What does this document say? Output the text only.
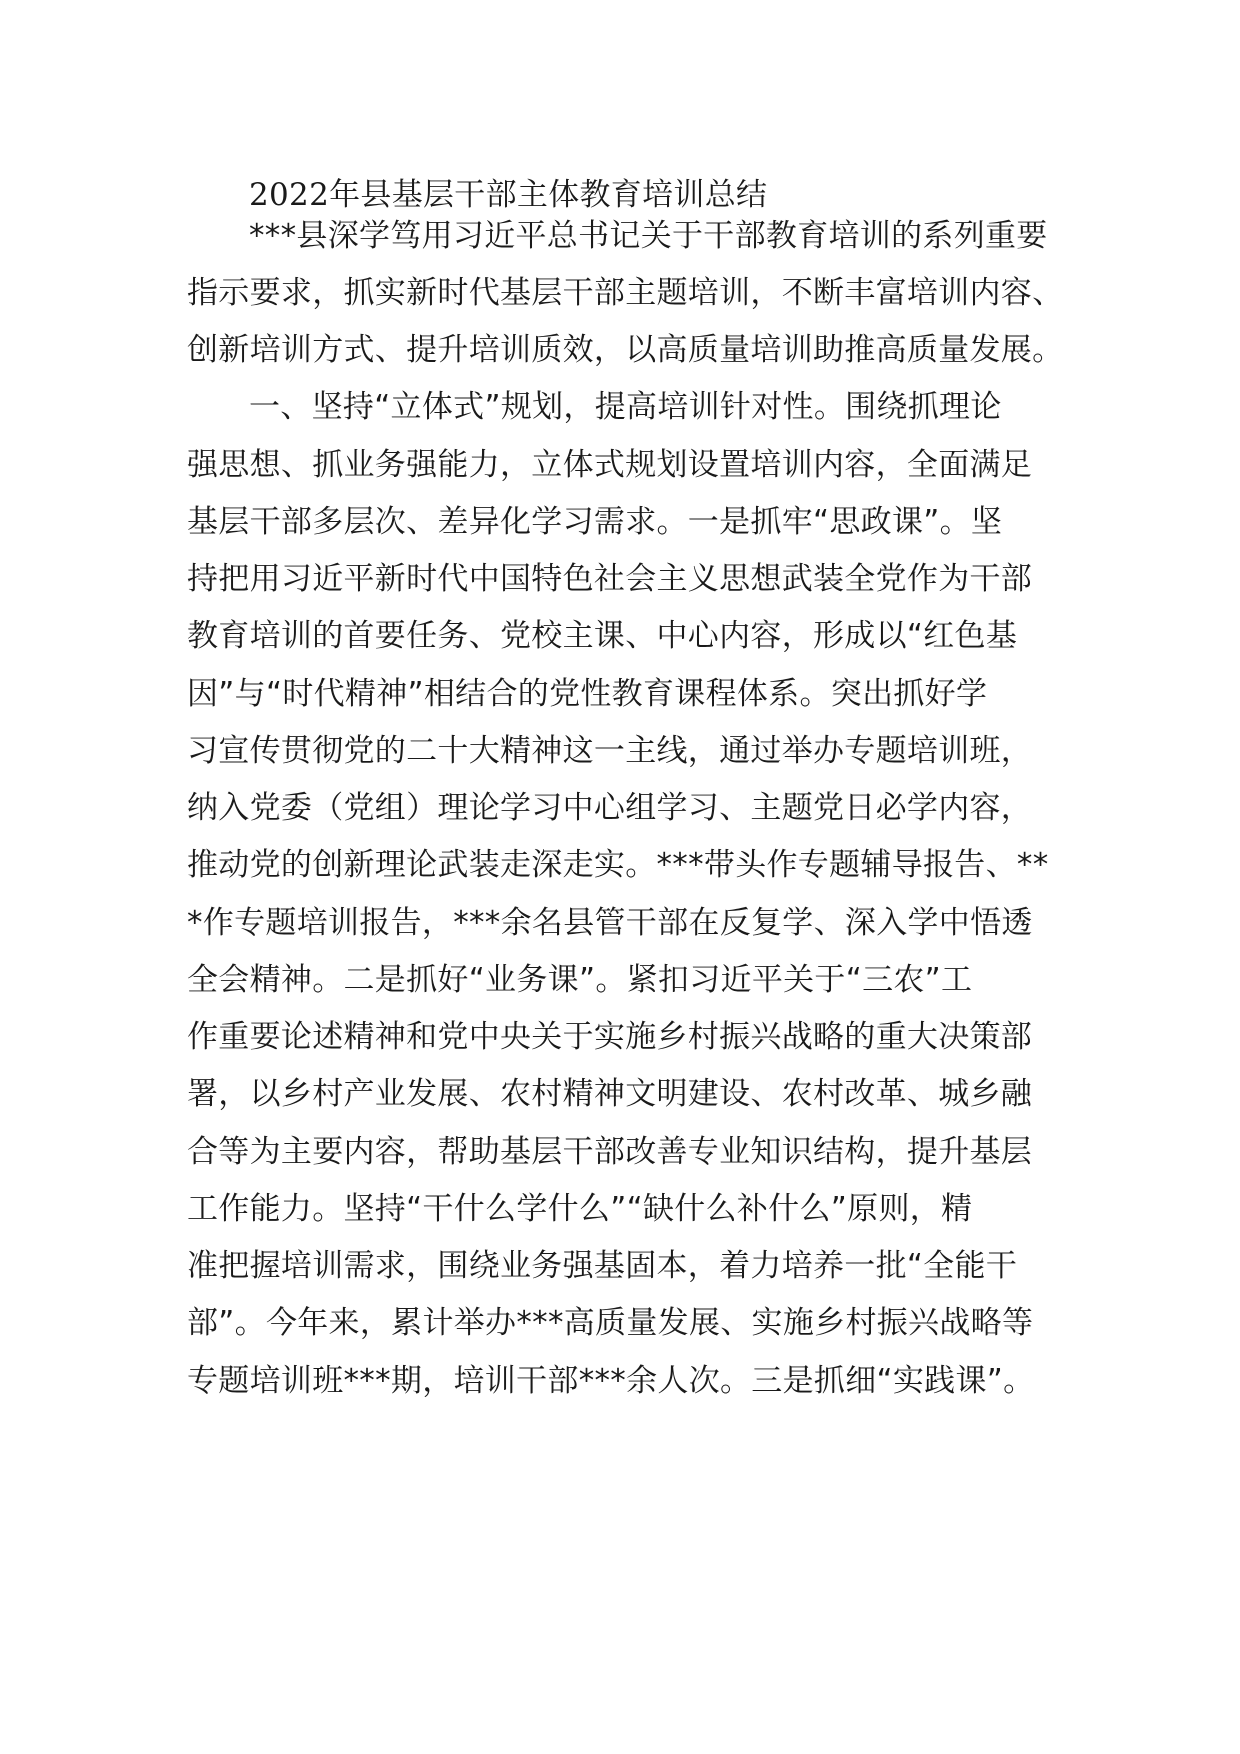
2022年县基层干部主体教育培训总结
***县深学笃用习近平总书记关于干部教育培训的系列重要
指示要求，抓实新时代基层干部主题培训，不断丰富培训内容、
创新培训方式、提升培训质效，以高质量培训助推高质量发展。
一、坚持“立体式”规划，提高培训针对性。围绕抓理论
强思想、抓业务强能力，立体式规划设置培训内容，全面满足
基层干部多层次、差异化学习需求。一是抓牢“思政课”。坚
持把用习近平新时代中国特色社会主义思想武装全党作为干部
教育培训的首要任务、党校主课、中心内容，形成以“红色基
因”与“时代精神”相结合的党性教育课程体系。突出抓好学
习宣传贯彻党的二十大精神这一主线，通过举办专题培训班，
纳入党委（党组）理论学习中心组学习、主题党日必学内容，
推动党的创新理论武装走深走实。***带头作专题辅导报告、**
*作专题培训报告，***余名县管干部在反复学、深入学中悟透
全会精神。二是抓好“业务课”。紧扣习近平关于“三农”工
作重要论述精神和党中央关于实施乡村振兴战略的重大决策部
署，以乡村产业发展、农村精神文明建设、农村改革、城乡融
合等为主要内容，帮助基层干部改善专业知识结构，提升基层
工作能力。坚持“干什么学什么”“缺什么补什么”原则，精
准把握培训需求，围绕业务强基固本，着力培养一批“全能干
部”。今年来，累计举办***高质量发展、实施乡村振兴战略等
专题培训班***期，培训干部***余人次。三是抓细“实践课”。
